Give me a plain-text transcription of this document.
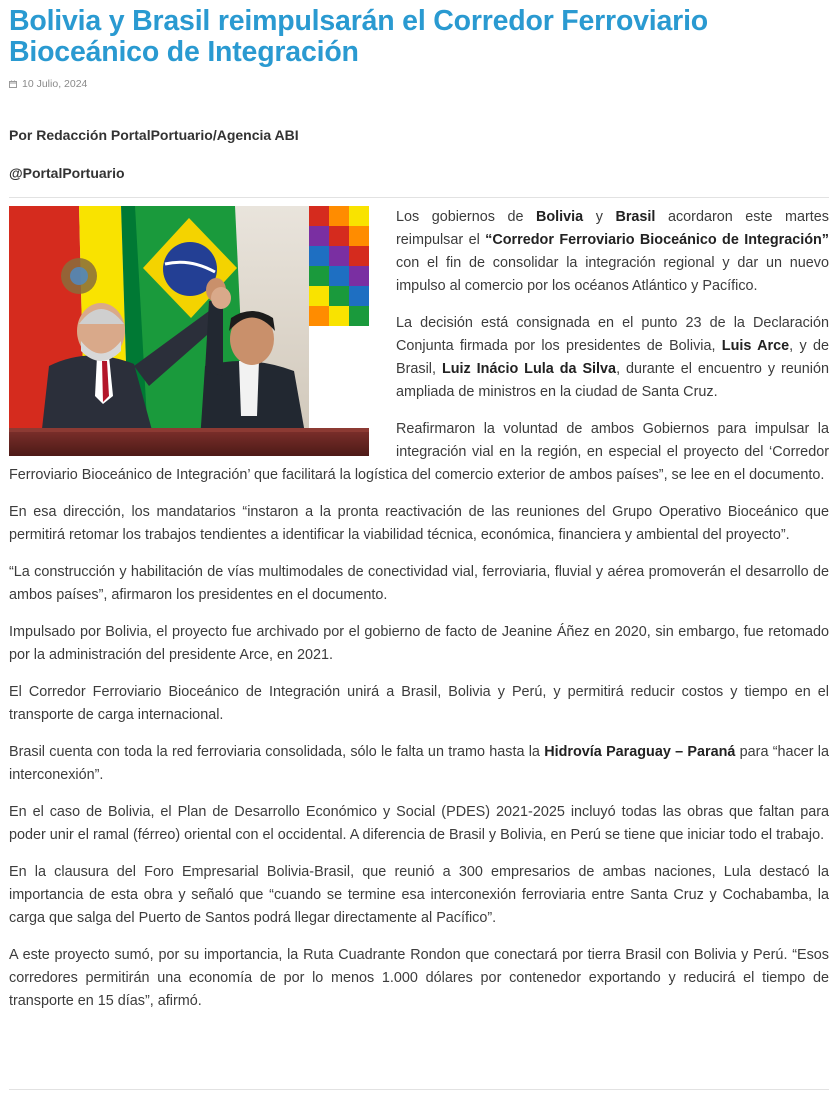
Bolivia y Brasil reimpulsarán el Corredor Ferroviario Bioceánico de Integración
10 Julio, 2024
Por Redacción PortalPortuario/Agencia ABI
@PortalPortuario

Los gobiernos de Bolivia y Brasil acordaron este martes reimpulsar el “Corredor Ferroviario Bioceánico de Integración” con el fin de consolidar la integración regional y dar un nuevo impulso al comercio por los océanos Atlántico y Pacífico.

La decisión está consignada en el punto 23 de la Declaración Conjunta firmada por los presidentes de Bolivia, Luis Arce, y de Brasil, Luiz Inácio Lula da Silva, durante el encuentro y reunión ampliada de ministros en la ciudad de Santa Cruz.

Reafirmaron la voluntad de ambos Gobiernos para impulsar la integración vial en la región, en especial el proyecto del ‘Corredor Ferroviario Bioceánico de Integración’ que facilitará la logística del comercio exterior de ambos países”, se lee en el documento.

En esa dirección, los mandatarios “instaron a la pronta reactivación de las reuniones del Grupo Operativo Bioceánico que permitirá retomar los trabajos tendientes a identificar la viabilidad técnica, económica, financiera y ambiental del proyecto”.

“La construcción y habilitación de vías multimodales de conectividad vial, ferroviaria, fluvial y aérea promoverán el desarrollo de ambos países”, afirmaron los presidentes en el documento.

Impulsado por Bolivia, el proyecto fue archivado por el gobierno de facto de Jeanine Áñez en 2020, sin embargo, fue retomado por la administración del presidente Arce, en 2021.

El Corredor Ferroviario Bioceánico de Integración unirá a Brasil, Bolivia y Perú, y permitirá reducir costos y tiempo en el transporte de carga internacional.

Brasil cuenta con toda la red ferroviaria consolidada, sólo le falta un tramo hasta la Hidrovía Paraguay – Paraná para “hacer la interconexión”.

En el caso de Bolivia, el Plan de Desarrollo Económico y Social (PDES) 2021-2025 incluyó todas las obras que faltan para poder unir el ramal (férreo) oriental con el occidental. A diferencia de Brasil y Bolivia, en Perú se tiene que iniciar todo el trabajo.

En la clausura del Foro Empresarial Bolivia-Brasil, que reunió a 300 empresarios de ambas naciones, Lula destacó la importancia de esta obra y señaló que “cuando se termine esa interconexión ferroviaria entre Santa Cruz y Cochabamba, la carga que salga del Puerto de Santos podrá llegar directamente al Pacífico”.

A este proyecto sumó, por su importancia, la Ruta Cuadrante Rondon que conectará por tierra Brasil con Bolivia y Perú. “Esos corredores permitirán una economía de por lo menos 1.000 dólares por contenedor exportando y reducirá el tiempo de transporte en 15 días”, afirmó.
